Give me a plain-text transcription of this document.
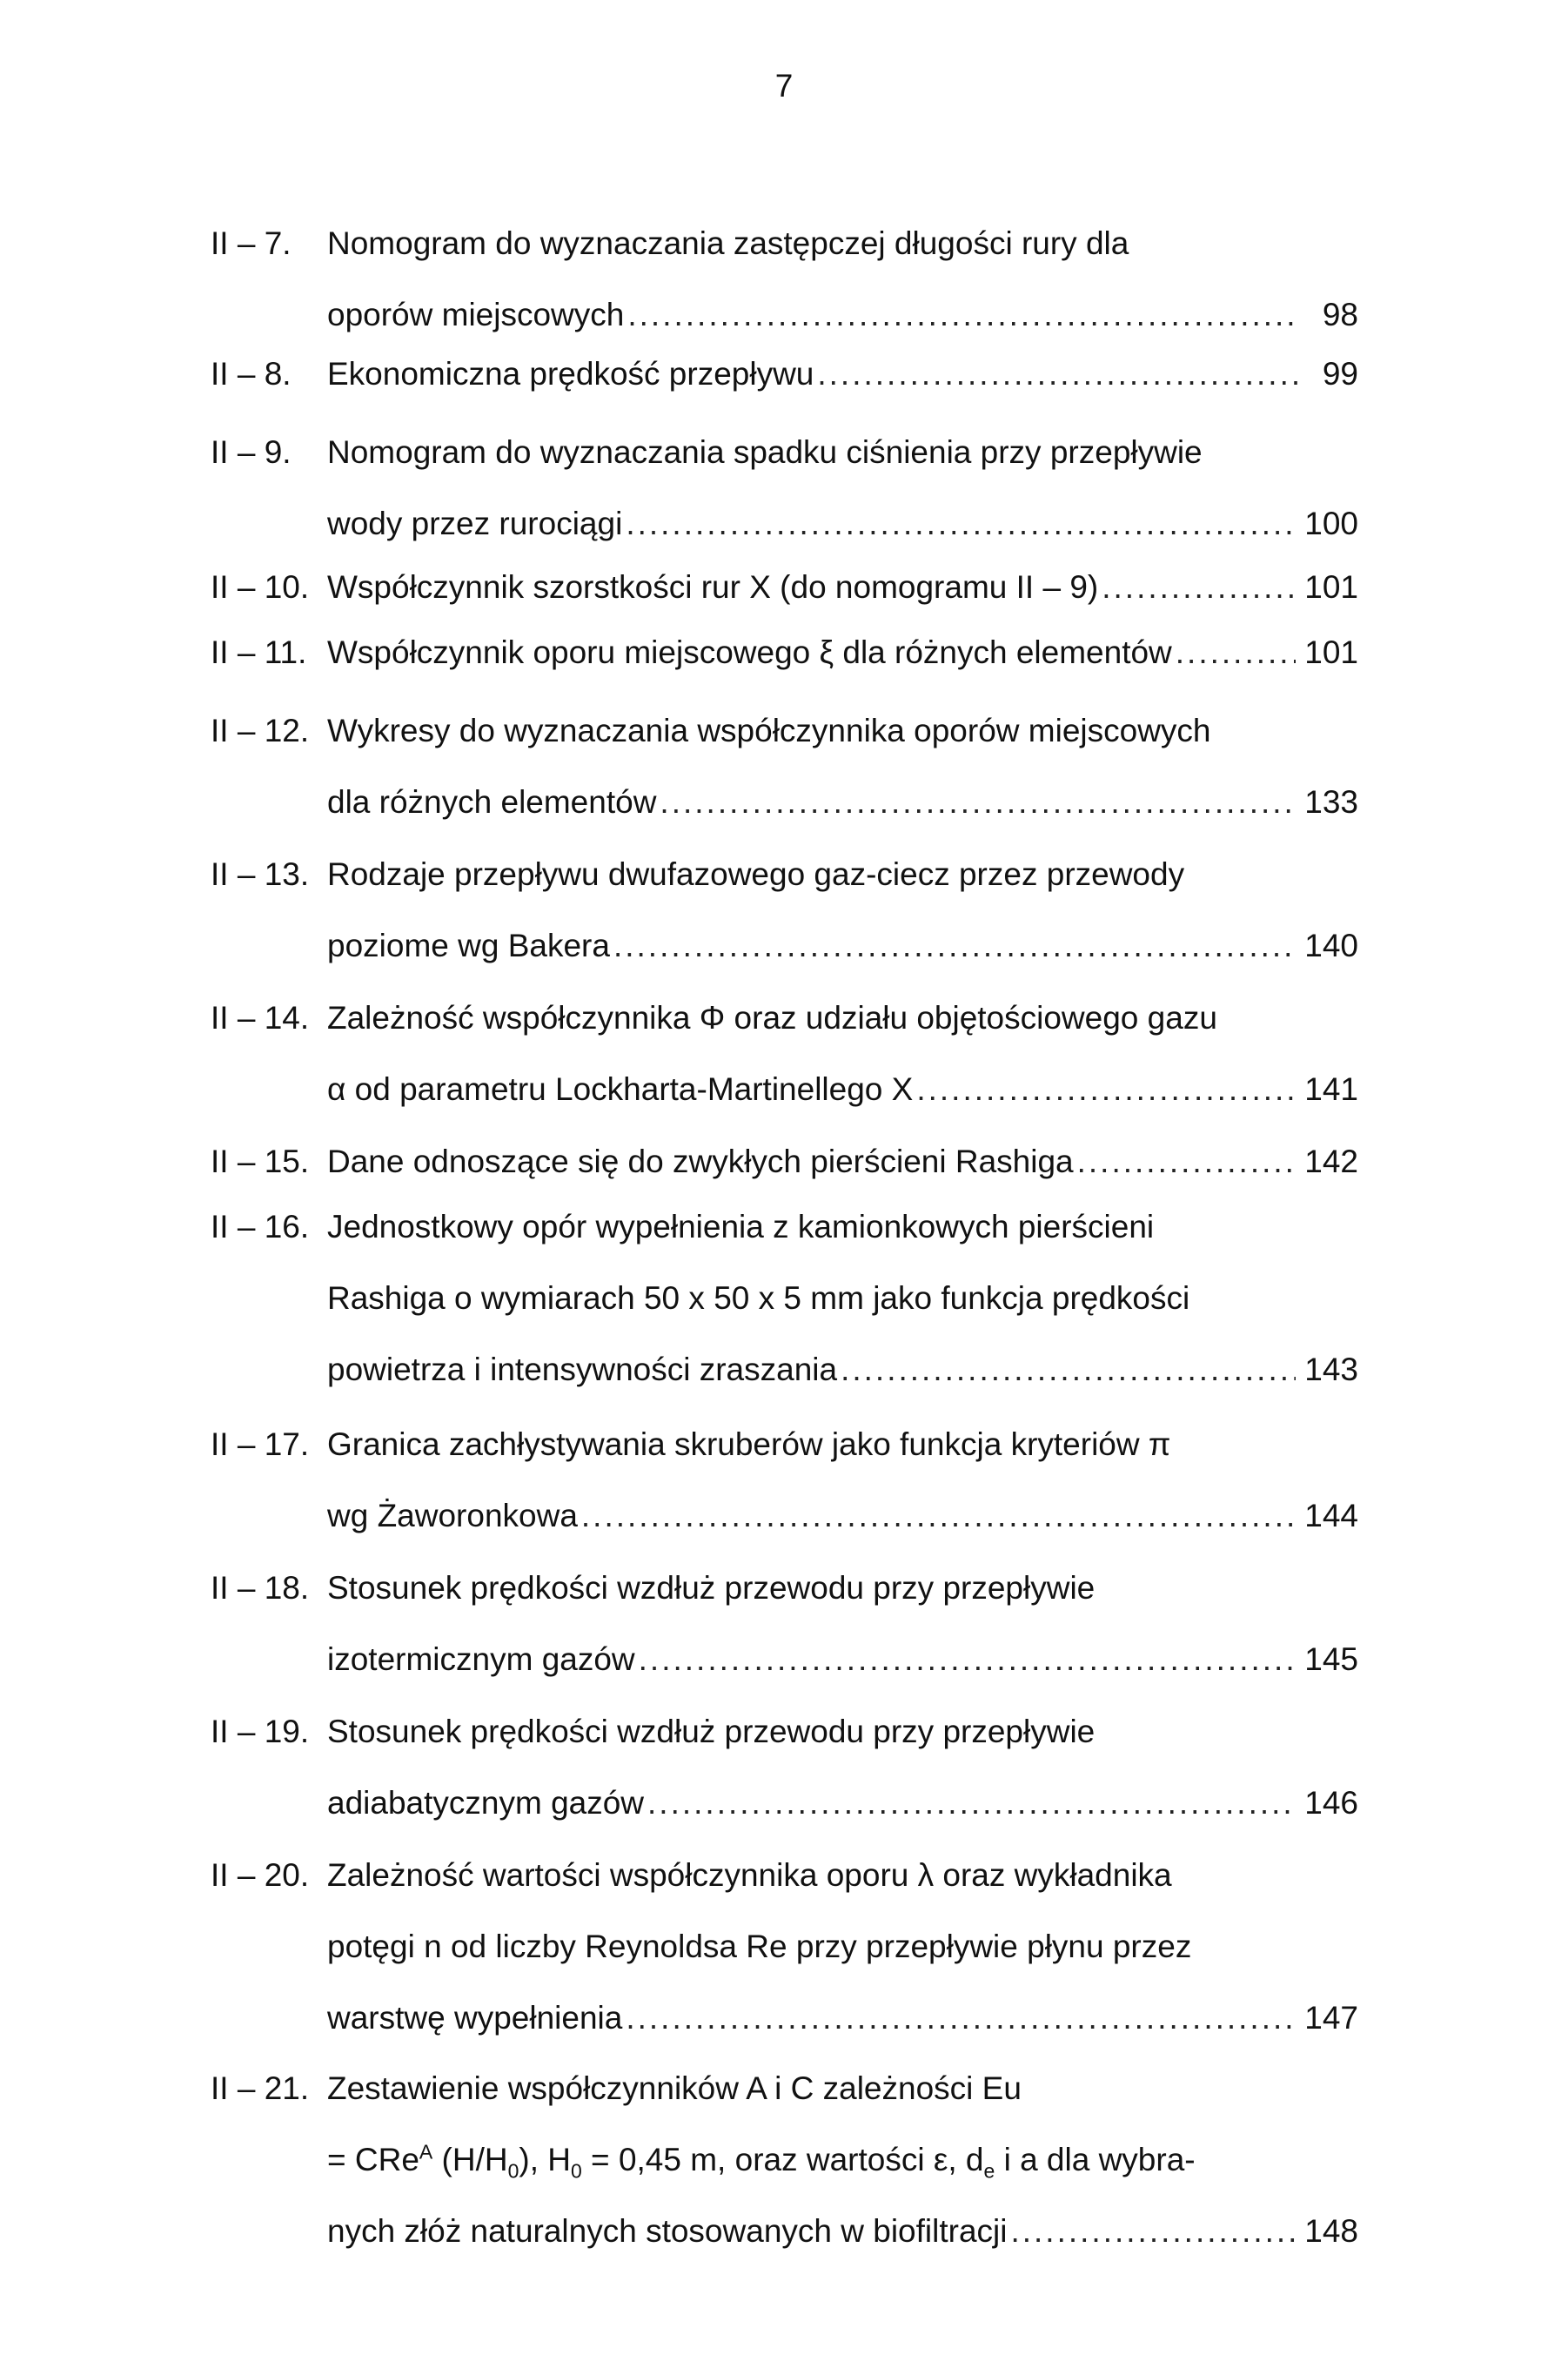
7
II – 7. Nomogram do wyznaczania zastępczej długości rury dla
oporów miejscowych .....	98
II – 8. Ekonomiczna prędkość przepływu .....	99
II – 9. Nomogram do wyznaczania spadku ciśnienia przy przepływie
wody przez rurociągi .....	100
II – 10. Współczynnik szorstkości rur X (do nomogramu II – 9) .....	101
II – 11. Współczynnik oporu miejscowego ξ dla różnych elementów .....	101
II – 12. Wykresy do wyznaczania współczynnika oporów miejscowych
dla różnych elementów .....	133
II – 13. Rodzaje przepływu dwufazowego gaz-ciecz przez przewody
poziome wg Bakera .....	140
II – 14. Zależność współczynnika Φ oraz udziału objętościowego gazu
α od parametru Lockharta-Martinellego X .....	141
II – 15. Dane odnoszące się do zwykłych pierścieni Rashiga .....	142
II – 16. Jednostkowy opór wypełnienia z kamionkowych pierścieni
Rashiga o wymiarach 50 x 50 x 5 mm jako funkcja prędkości
powietrza i intensywności zraszania .....	143
II – 17. Granica zachłystywania skruberów jako funkcja kryteriów π
wg Żaworonkowa .....	144
II – 18. Stosunek prędkości wzdłuż przewodu przy przepływie
izotermicznym gazów .....	145
II – 19. Stosunek prędkości wzdłuż przewodu przy przepływie
adiabatycznym gazów .....	146
II – 20. Zależność wartości współczynnika oporu λ oraz wykładnika
potęgi n od liczby Reynoldsa Re przy przepływie płynu przez
warstwę wypełnienia .....	147
II – 21. Zestawienie współczynników A i C zależności Eu
= CRe$^A$ $(H/H_0)$, $H_0 = 0,45$ m, oraz wartości ε, $d_e$ i a dla wybra-
nych złóż naturalnych stosowanych w biofiltracji .....	148
